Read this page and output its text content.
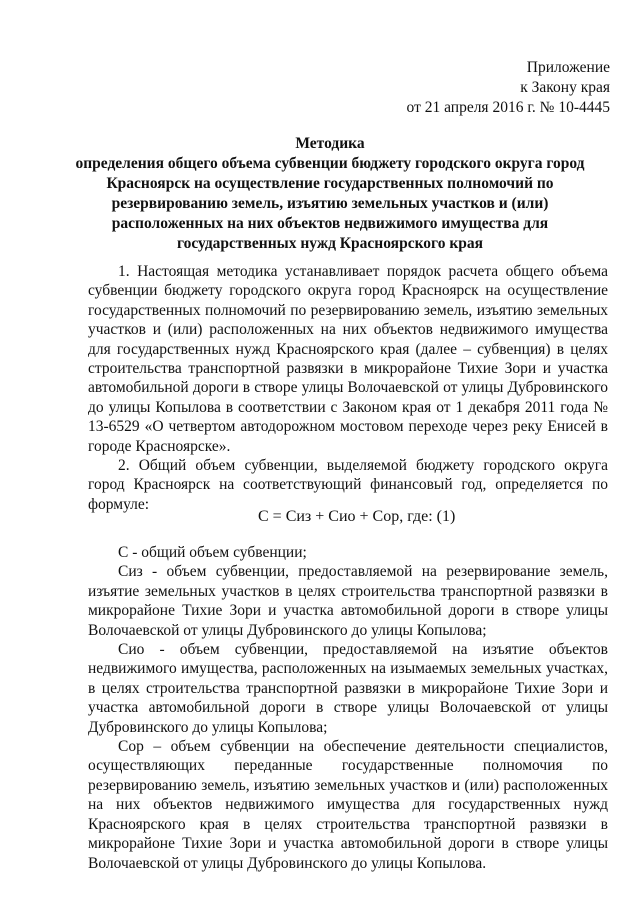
Приложение
к Закону края
от 21 апреля 2016 г. № 10-4445
Методика
определения общего объема субвенции бюджету городского округа город
Красноярск на осуществление государственных полномочий по
резервированию земель, изъятию земельных участков и (или)
расположенных на них объектов недвижимого имущества для
государственных нужд Красноярского края

1. Настоящая методика устанавливает порядок расчета общего объема субвенции бюджету городского округа город Красноярск на осуществление государственных полномочий по резервированию земель, изъятию земельных участков и (или) расположенных на них объектов недвижимого имущества для государственных нужд Красноярского края (далее – субвенция) в целях строительства транспортной развязки в микрорайоне Тихие Зори и участка автомобильной дороги в створе улицы Волочаевской от улицы Дубровинского до улицы Копылова в соответствии с Законом края от 1 декабря 2011 года № 13-6529 «О четвертом автодорожном мостовом переходе через реку Енисей в городе Красноярске».

2. Общий объем субвенции, выделяемой бюджету городского округа город Красноярск на соответствующий финансовый год, определяется по формуле:

С = Сиз + Сио + Сор, где: (1)

С - общий объем субвенции;

Сиз - объем субвенции, предоставляемой на резервирование земель, изъятие земельных участков в целях строительства транспортной развязки в микрорайоне Тихие Зори и участка автомобильной дороги в створе улицы Волочаевской от улицы Дубровинского до улицы Копылова;

Сио - объем субвенции, предоставляемой на изъятие объектов недвижимого имущества, расположенных на изымаемых земельных участках, в целях строительства транспортной развязки в микрорайоне Тихие Зори и участка автомобильной дороги в створе улицы Волочаевской от улицы Дубровинского до улицы Копылова;

Сор – объем субвенции на обеспечение деятельности специалистов, осуществляющих переданные государственные полномочия по резервированию земель, изъятию земельных участков и (или) расположенных на них объектов недвижимого имущества для государственных нужд Красноярского края в целях строительства транспортной развязки в микрорайоне Тихие Зори и участка автомобильной дороги в створе улицы Волочаевской от улицы Дубровинского до улицы Копылова.
